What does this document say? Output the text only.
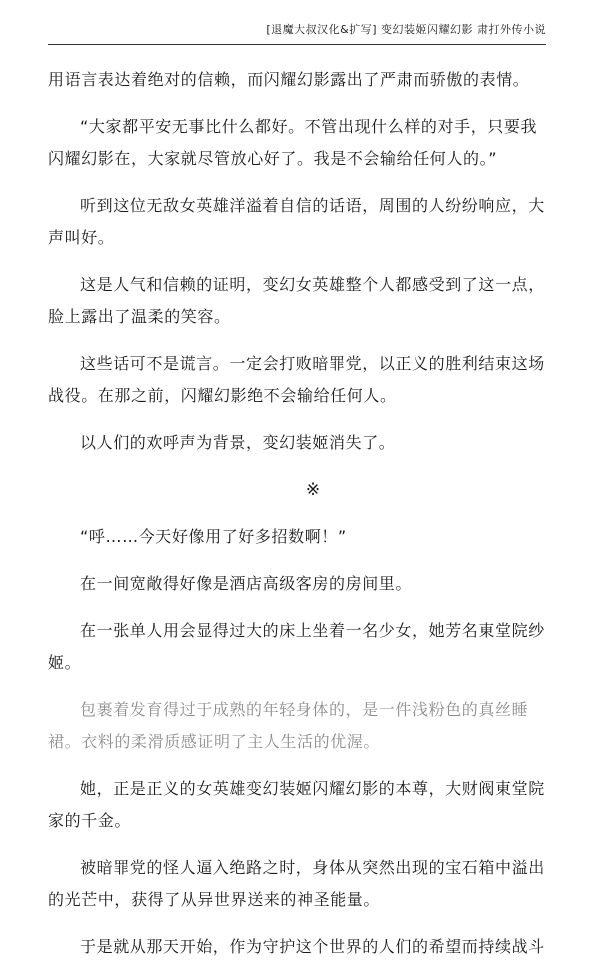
[退魔大叔汉化&扩写] 变幻装姬闪耀幻影 肃打外传小说

用语言表达着绝对的信赖，而闪耀幻影露出了严肃而骄傲的表情。

“大家都平安无事比什么都好。不管出现什么样的对手，只要我闪耀幻影在，大家就尽管放心好了。我是不会输给任何人的。”

听到这位无敌女英雄洋溢着自信的话语，周围的人纷纷响应，大声叫好。

这是人气和信赖的证明，变幻女英雄整个人都感受到了这一点，脸上露出了温柔的笑容。

这些话可不是谎言。一定会打败暗罪党，以正义的胜利结束这场战役。在那之前，闪耀幻影绝不会输给任何人。

以人们的欢呼声为背景，变幻装姬消失了。

※

“呼……今天好像用了好多招数啊！”

在一间宽敞得好像是酒店高级客房的房间里。

在一张单人用会显得过大的床上坐着一名少女，她芳名東堂院纱姬。

包裹着发育得过于成熟的年轻身体的，是一件浅粉色的真丝睡裙。衣料的柔滑质感证明了主人生活的优渥。

她，正是正义的女英雄变幻装姬闪耀幻影的本尊，大财阀東堂院家的千金。

被暗罪党的怪人逼入绝路之时，身体从突然出现的宝石箱中溢出的光芒中，获得了从异世界送来的神圣能量。

于是就从那天开始，作为守护这个世界的人们的希望而持续战斗
